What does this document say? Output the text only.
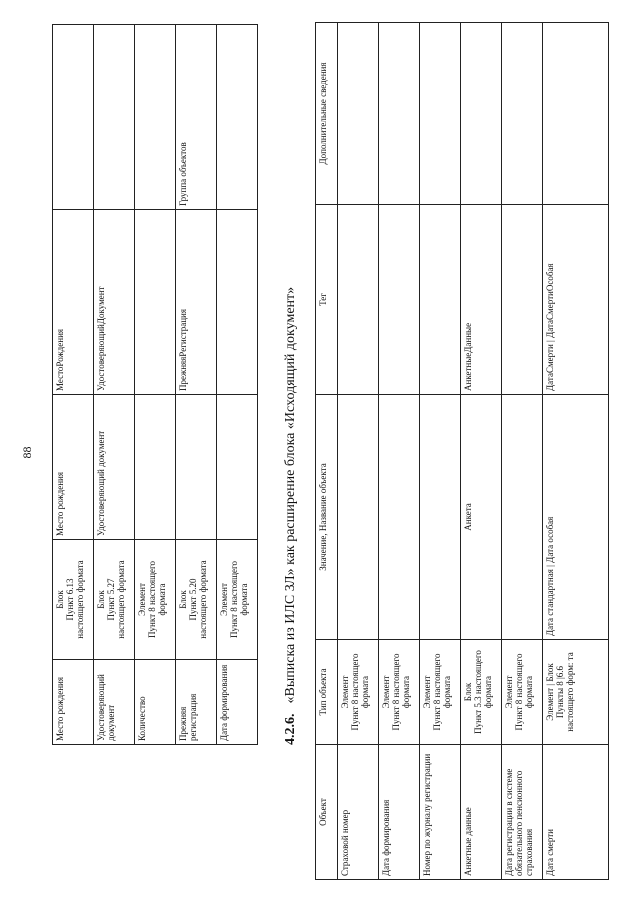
88
Место рождения	Блок
Пункт 6.13
настоящего формата	Место рождения	МестоРождения	
Удостоверяющий документ	Блок
Пункт 5.27
настоящего формата	Удостоверяющий документ	УдостоверяющийДокумент	
Количество	Элемент
Пункт 8 настоящего
формата			
Прежняя регистрация	Блок
Пункт 5.20
настоящего формата		ПрежняяРегистрация	Группа объектов
Дата формирования	Элемент
Пункт 8 настоящего
формата			
4.2.6.«Выписка из ИЛС ЗЛ» как расширение блока «Исходящий документ»
Объект	Тип объекта	Значение, Название объекта	Тег	Дополнительные сведения
Страховой номер	Элемент
Пункт 8 настоящего
формата			
Дата формирования	Элемент
Пункт 8 настоящего
формата			
Номер по журналу регистрации	Элемент
Пункт 8 настоящего
формата			
Анкетные данные	Блок
Пункт 5.3 настоящего
формата	Анкета	АнкетныеДанные	
Дата регистрации в системе обязательного пенсионного страхования	Элемент
Пункт 8 настоящего
формата			
Дата смерти	Элемент | Блок
Пункты 8 |6.6
настоящего форм: та	Дата стандартная | Дата особая	ДатаСмерти | ДатаСмертиОсобая	
